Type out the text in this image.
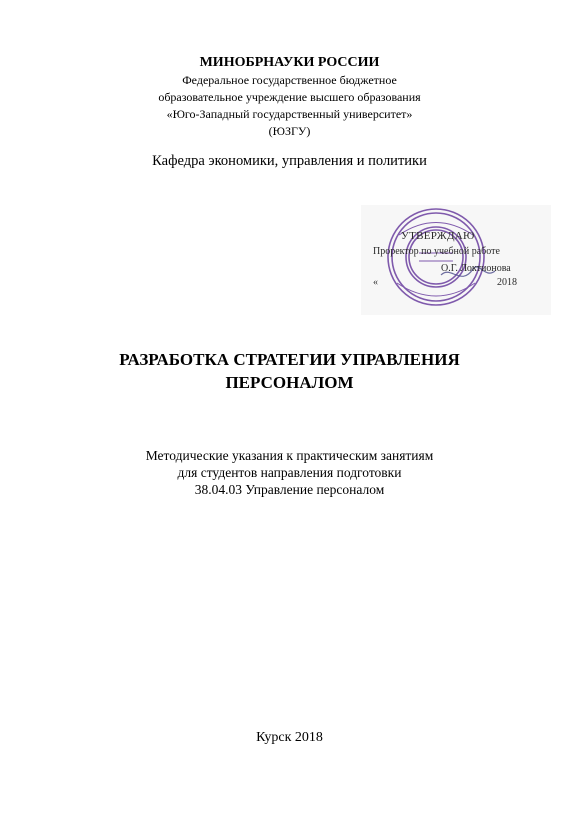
МИНОБРНАУКИ РОССИИ
Федеральное государственное бюджетное
образовательное учреждение высшего образования
«Юго-Западный государственный университет»
(ЮЗГУ)
Кафедра экономики, управления и политики
УТВЕРЖДАЮ
Проректор по учебной работе
О.Г. Локтионова
«	2018
РАЗРАБОТКА СТРАТЕГИИ УПРАВЛЕНИЯ
ПЕРСОНАЛОМ
Методические указания к практическим занятиям
для студентов направления подготовки
38.04.03 Управление персоналом
Курск 2018
